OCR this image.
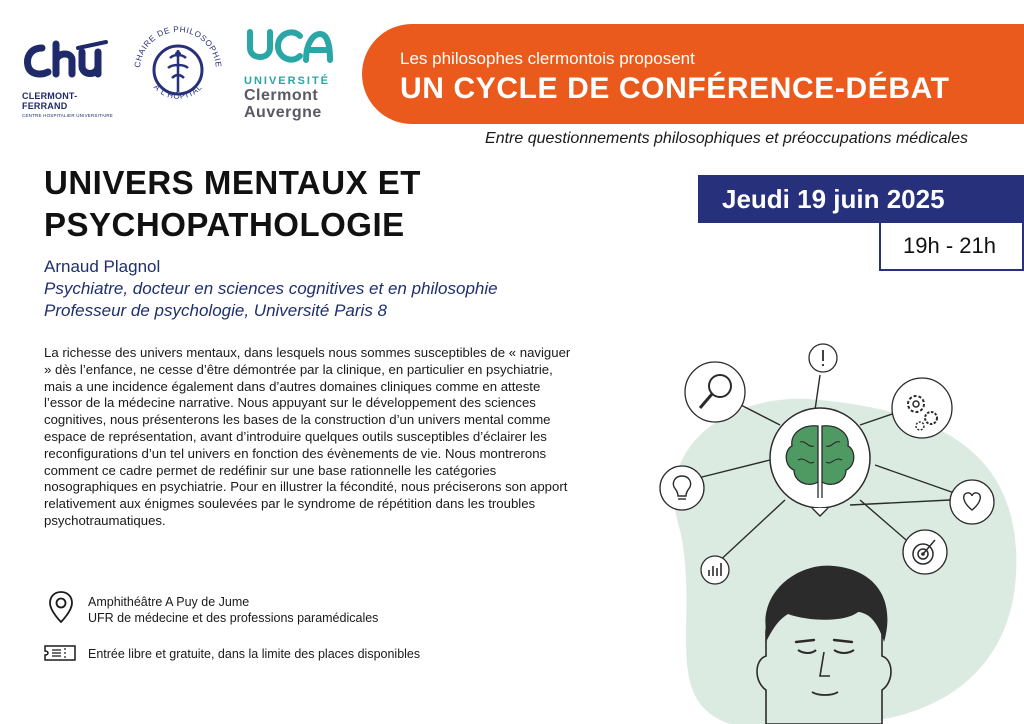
CLERMONT-FERRAND
CENTRE HOSPITALIER UNIVERSITAIRE
CHAIRE DE PHILOSOPHIE
À L'HÔPITAL
UNIVERSITÉ
Clermont
Auvergne
Les philosophes clermontois proposent
UN CYCLE DE CONFÉRENCE-DÉBAT
Entre questionnements philosophiques et préoccupations médicales
UNIVERS MENTAUX ET
PSYCHOPATHOLOGIE
Arnaud Plagnol
Psychiatre, docteur en sciences cognitives et en philosophie
Professeur de psychologie, Université Paris 8
Jeudi 19 juin 2025
19h - 21h
La richesse des univers mentaux, dans lesquels nous sommes susceptibles de « naviguer » dès l’enfance, ne cesse d’être démontrée par la clinique, en particulier en psychiatrie, mais a une incidence également dans d’autres domaines cliniques comme en atteste l’essor de la médecine narrative. Nous appuyant sur le développement des sciences cognitives, nous présenterons les bases de la construction d’un univers mental comme espace de représentation, avant d’introduire quelques outils susceptibles d’éclairer les reconfigurations d’un tel univers en fonction des évènements de vie. Nous montrerons comment ce cadre permet de redéfinir sur une base rationnelle les catégories nosographiques en psychiatrie. Pour en illustrer la fécondité, nous préciserons son apport relativement aux énigmes soulevées par le syndrome de répétition dans les troubles psychotraumatiques.
Amphithéâtre A Puy de Jume
UFR de médecine et des professions paramédicales
Entrée libre et gratuite, dans la limite des places disponibles
